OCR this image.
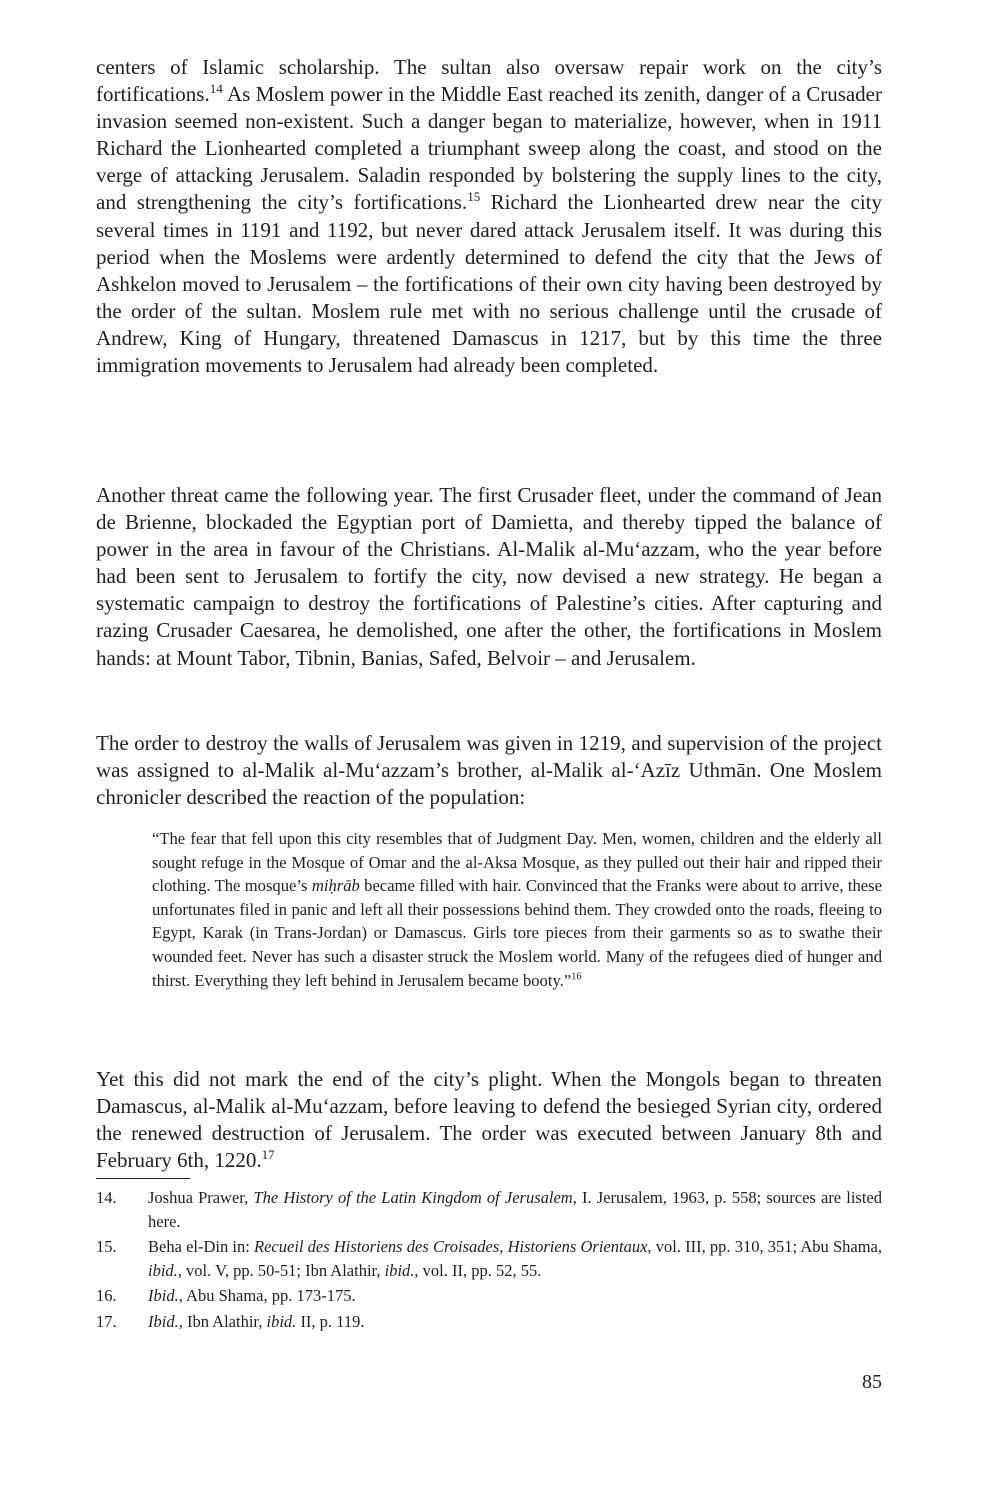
centers of Islamic scholarship. The sultan also oversaw repair work on the city’s fortifications.$^{14}$ As Moslem power in the Middle East reached its zenith, danger of a Crusader invasion seemed non-existent. Such a danger began to materialize, however, when in 1911 Richard the Lionhearted completed a triumphant sweep along the coast, and stood on the verge of attacking Jerusalem. Saladin responded by bolstering the supply lines to the city, and strengthening the city’s fortifications.$^{15}$ Richard the Lionhearted drew near the city several times in 1191 and 1192, but never dared attack Jerusalem itself. It was during this period when the Moslems were ardently determined to defend the city that the Jews of Ashkelon moved to Jerusalem – the fortifications of their own city having been destroyed by the order of the sultan. Moslem rule met with no serious challenge until the crusade of Andrew, King of Hungary, threatened Damascus in 1217, but by this time the three immigration movements to Jerusalem had already been completed.

Another threat came the following year. The first Crusader fleet, under the command of Jean de Brienne, blockaded the Egyptian port of Damietta, and thereby tipped the balance of power in the area in favour of the Christians. Al-Malik al-Mu‘azzam, who the year before had been sent to Jerusalem to fortify the city, now devised a new strategy. He began a systematic campaign to destroy the fortifications of Palestine’s cities. After capturing and razing Crusader Caesarea, he demolished, one after the other, the fortifications in Moslem hands: at Mount Tabor, Tibnin, Banias, Safed, Belvoir – and Jerusalem.

The order to destroy the walls of Jerusalem was given in 1219, and supervision of the project was assigned to al-Malik al-Mu‘azzam’s brother, al-Malik al-‘Azīz Uthmān. One Moslem chronicler described the reaction of the population:

“The fear that fell upon this city resembles that of Judgment Day. Men, women, children and the elderly all sought refuge in the Mosque of Omar and the al-Aksa Mosque, as they pulled out their hair and ripped their clothing. The mosque’s miḥrāb became filled with hair. Convinced that the Franks were about to arrive, these unfortunates filed in panic and left all their possessions behind them. They crowded onto the roads, fleeing to Egypt, Karak (in Trans-Jordan) or Damascus. Girls tore pieces from their garments so as to swathe their wounded feet. Never has such a disaster struck the Moslem world. Many of the refugees died of hunger and thirst. Everything they left behind in Jerusalem became booty.”$^{16}$

Yet this did not mark the end of the city’s plight. When the Mongols began to threaten Damascus, al-Malik al-Mu‘azzam, before leaving to defend the besieged Syrian city, ordered the renewed destruction of Jerusalem. The order was executed between January 8th and February 6th, 1220.17

14. Joshua Prawer, The History of the Latin Kingdom of Jerusalem, I. Jerusalem, 1963, p. 558; sources are listed here.
15. Beha el-Din in: Recueil des Historiens des Croisades, Historiens Orientaux, vol. III, pp. 310, 351; Abu Shama, ibid., vol. V, pp. 50-51; Ibn Alathir, ibid., vol. II, pp. 52, 55.
16. Ibid., Abu Shama, pp. 173-175.
17. Ibid., Ibn Alathir, ibid. II, p. 119.
85
